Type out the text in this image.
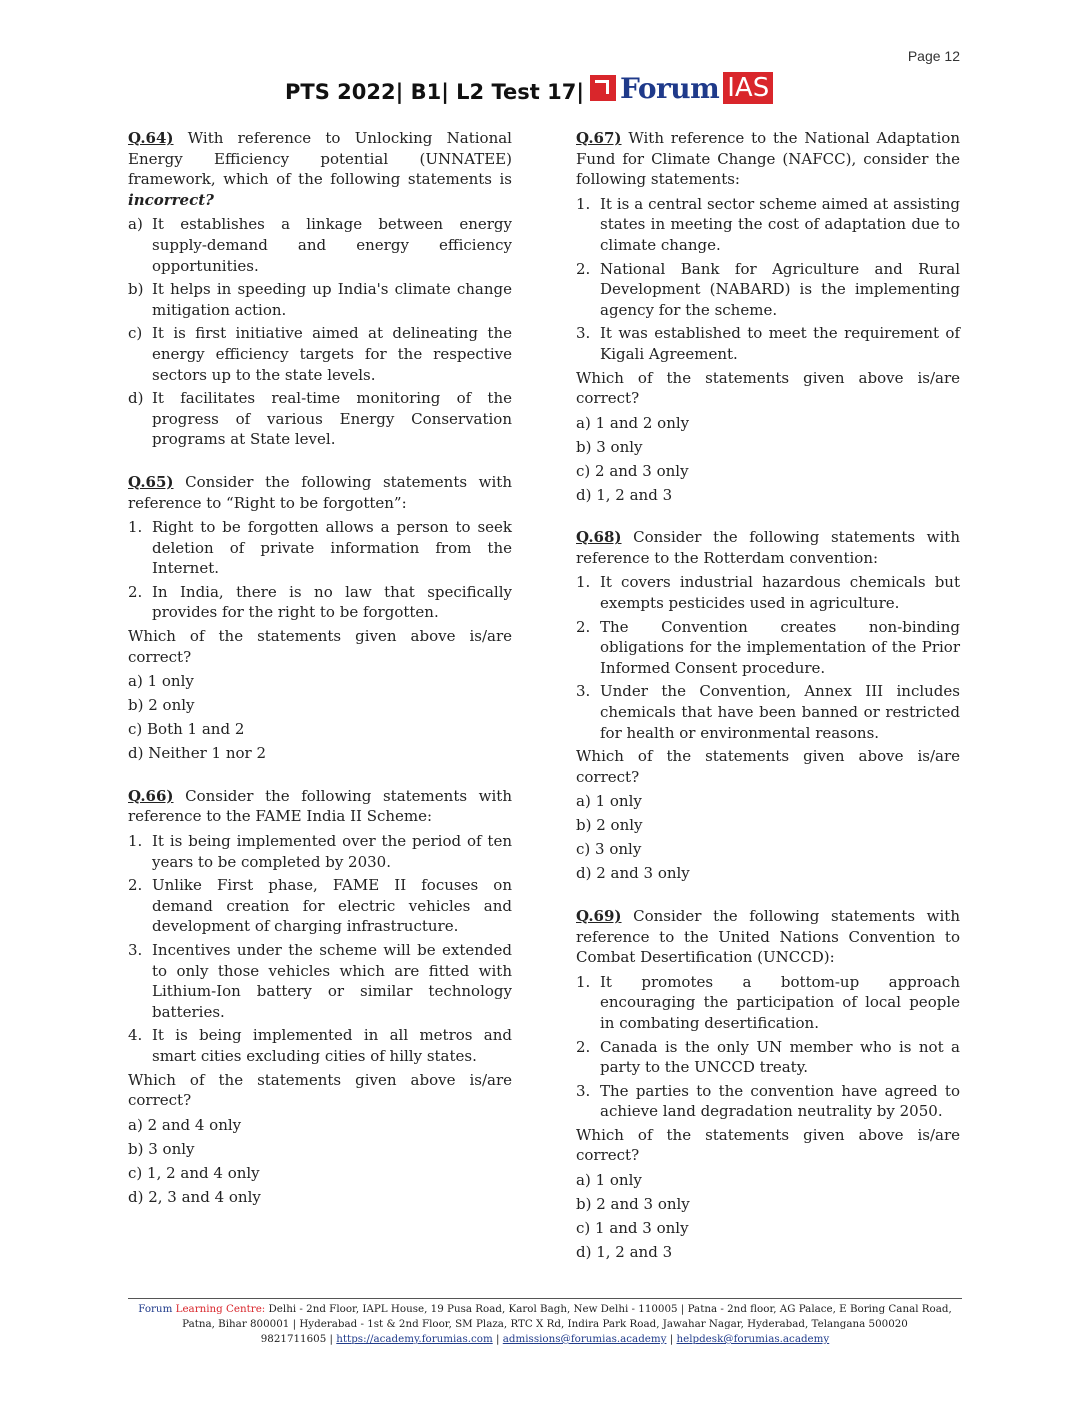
Page 12
PTS 2022| B1| L2 Test 17| Forum IAS
Q.64) With reference to Unlocking National Energy Efficiency potential (UNNATEE) framework, which of the following statements is incorrect?
a) It establishes a linkage between energy supply-demand and energy efficiency opportunities.
b) It helps in speeding up India's climate change mitigation action.
c) It is first initiative aimed at delineating the energy efficiency targets for the respective sectors up to the state levels.
d) It facilitates real-time monitoring of the progress of various Energy Conservation programs at State level.
Q.65) Consider the following statements with reference to “Right to be forgotten”:
1. Right to be forgotten allows a person to seek deletion of private information from the Internet.
2. In India, there is no law that specifically provides for the right to be forgotten.
Which of the statements given above is/are correct?
a) 1 only
b) 2 only
c) Both 1 and 2
d) Neither 1 nor 2
Q.66) Consider the following statements with reference to the FAME India II Scheme:
1. It is being implemented over the period of ten years to be completed by 2030.
2. Unlike First phase, FAME II focuses on demand creation for electric vehicles and development of charging infrastructure.
3. Incentives under the scheme will be extended to only those vehicles which are fitted with Lithium-Ion battery or similar technology batteries.
4. It is being implemented in all metros and smart cities excluding cities of hilly states.
Which of the statements given above is/are correct?
a) 2 and 4 only
b) 3 only
c) 1, 2 and 4 only
d) 2, 3 and 4 only
Q.67) With reference to the National Adaptation Fund for Climate Change (NAFCC), consider the following statements:
1. It is a central sector scheme aimed at assisting states in meeting the cost of adaptation due to climate change.
2. National Bank for Agriculture and Rural Development (NABARD) is the implementing agency for the scheme.
3. It was established to meet the requirement of Kigali Agreement.
Which of the statements given above is/are correct?
a) 1 and 2 only
b) 3 only
c) 2 and 3 only
d) 1, 2 and 3
Q.68) Consider the following statements with reference to the Rotterdam convention:
1. It covers industrial hazardous chemicals but exempts pesticides used in agriculture.
2. The Convention creates non-binding obligations for the implementation of the Prior Informed Consent procedure.
3. Under the Convention, Annex III includes chemicals that have been banned or restricted for health or environmental reasons.
Which of the statements given above is/are correct?
a) 1 only
b) 2 only
c) 3 only
d) 2 and 3 only
Q.69) Consider the following statements with reference to the United Nations Convention to Combat Desertification (UNCCD):
1. It promotes a bottom-up approach encouraging the participation of local people in combating desertification.
2. Canada is the only UN member who is not a party to the UNCCD treaty.
3. The parties to the convention have agreed to achieve land degradation neutrality by 2050.
Which of the statements given above is/are correct?
a) 1 only
b) 2 and 3 only
c) 1 and 3 only
d) 1, 2 and 3
Forum Learning Centre: Delhi - 2nd Floor, IAPL House, 19 Pusa Road, Karol Bagh, New Delhi - 110005 | Patna - 2nd floor, AG Palace, E Boring Canal Road,
Patna, Bihar 800001 | Hyderabad - 1st & 2nd Floor, SM Plaza, RTC X Rd, Indira Park Road, Jawahar Nagar, Hyderabad, Telangana 500020
9821711605 | https://academy.forumias.com | admissions@forumias.academy | helpdesk@forumias.academy
